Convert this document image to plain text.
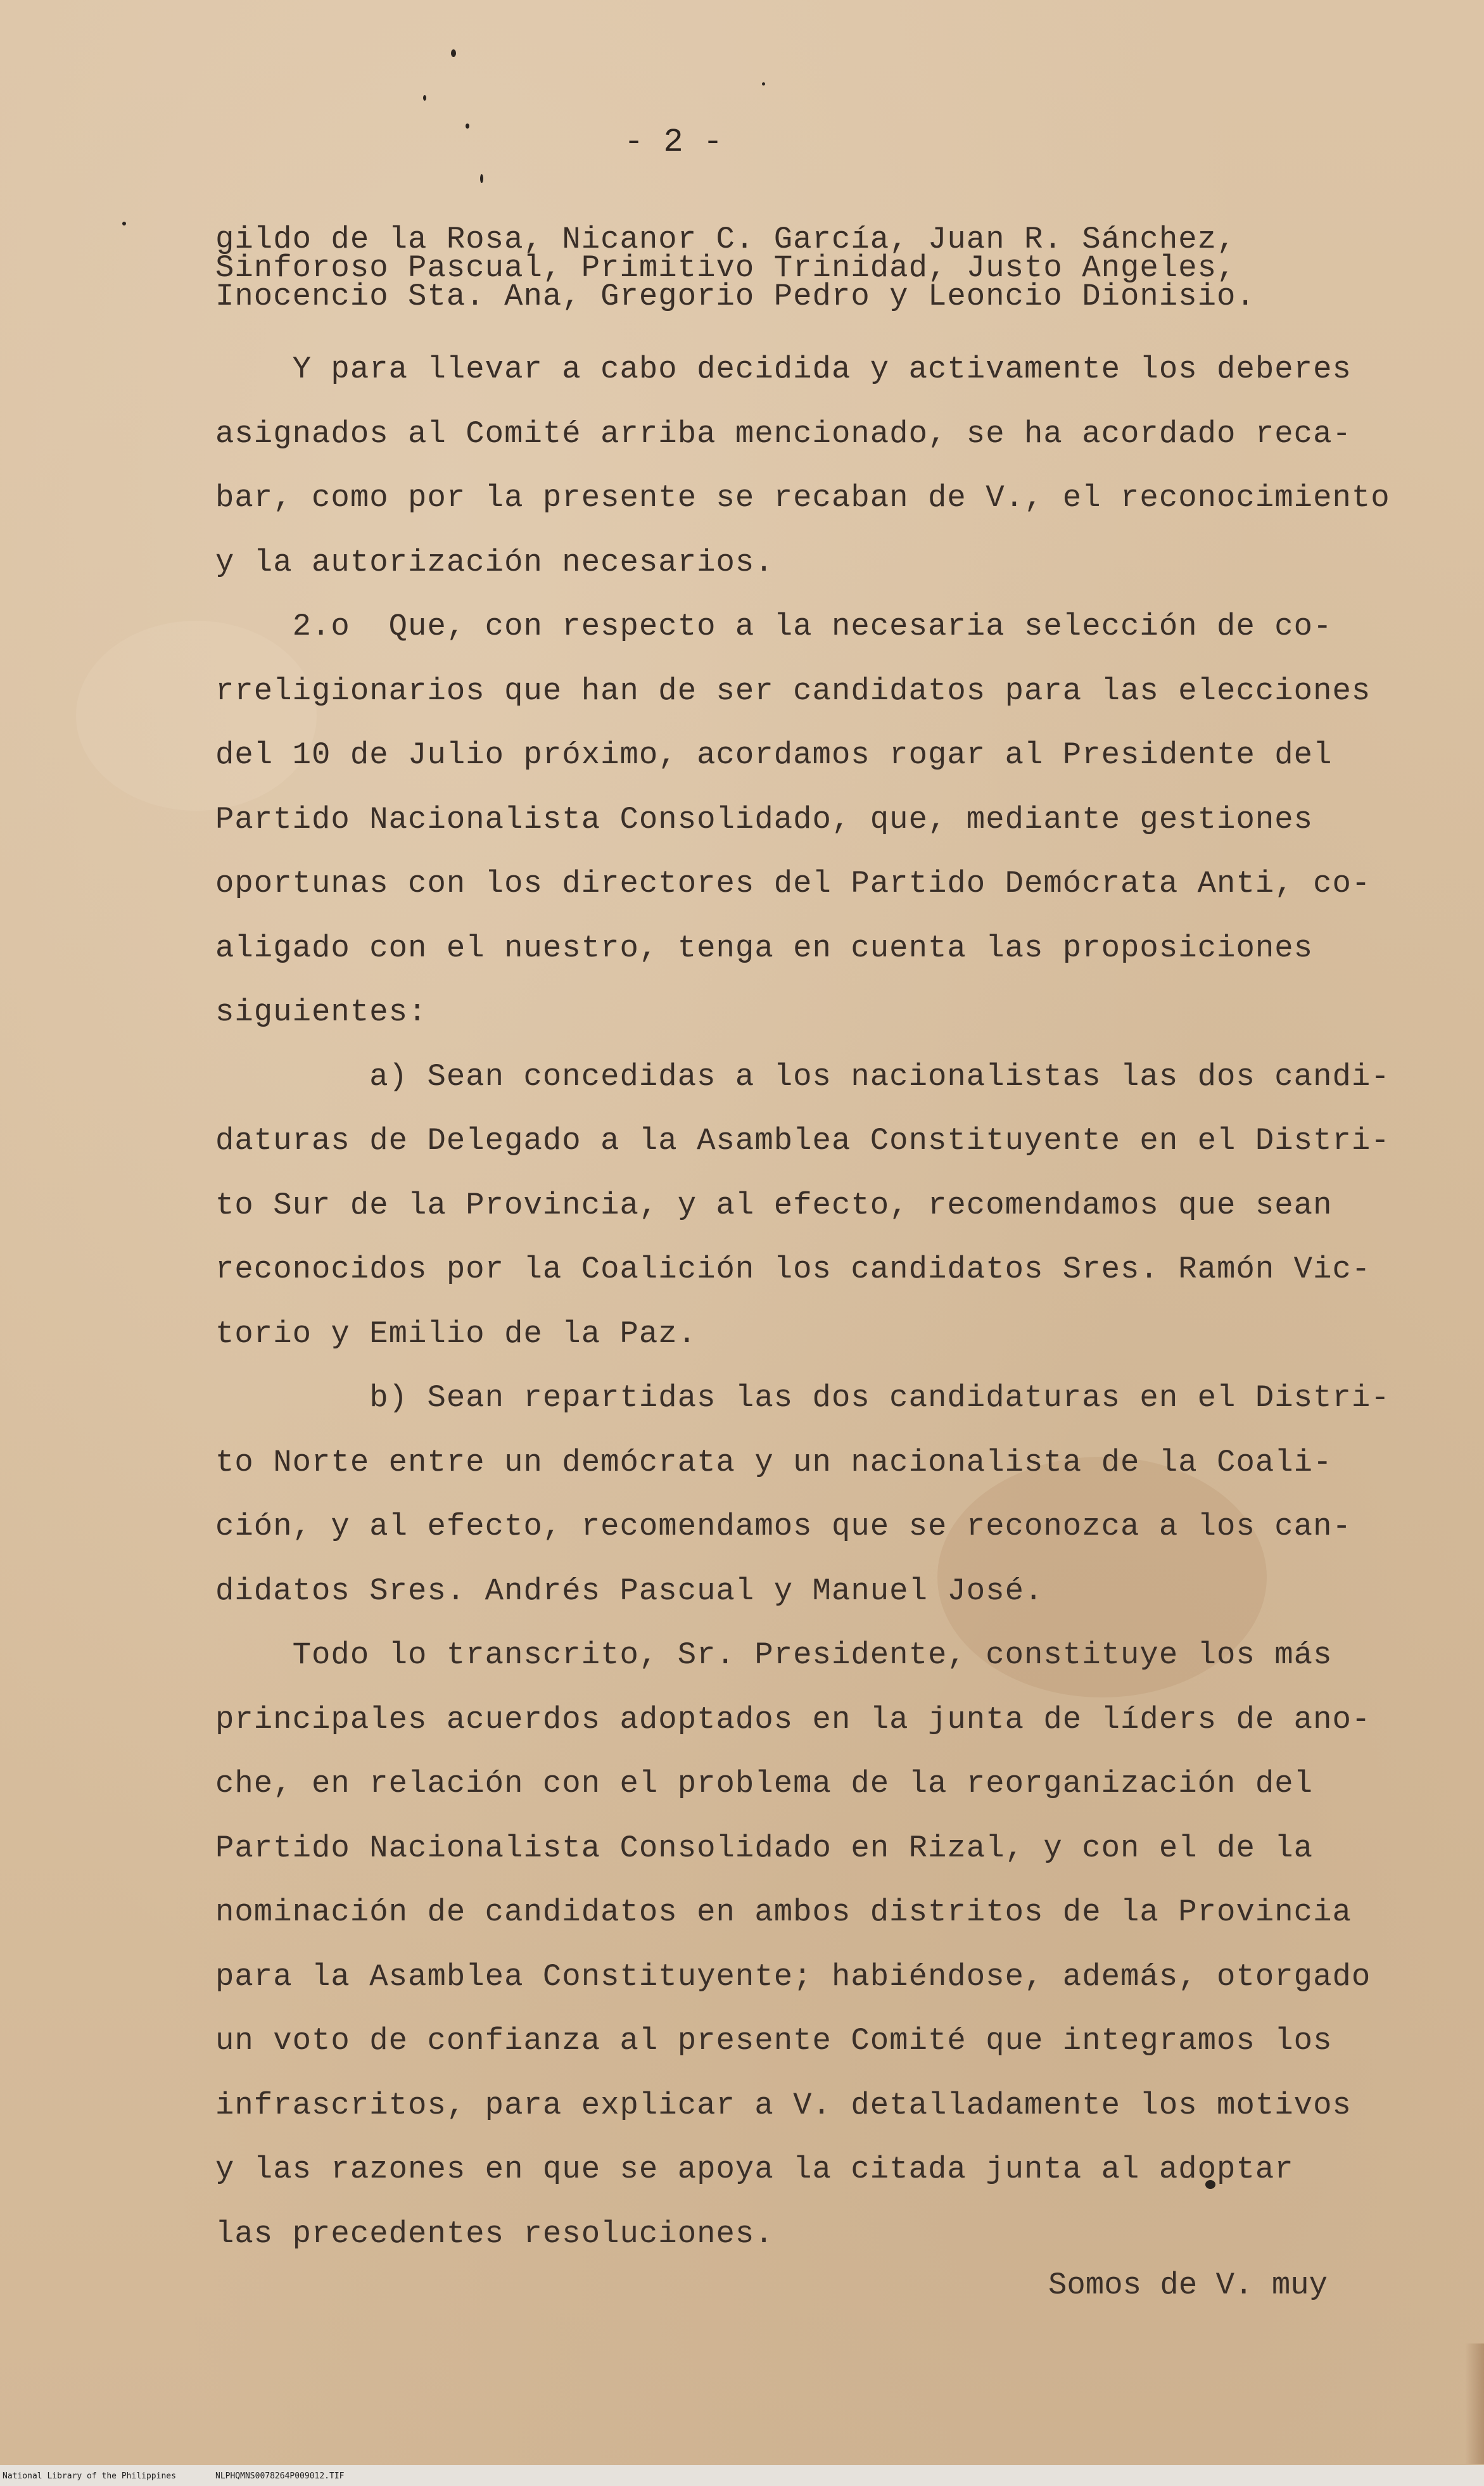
- 2 -
gildo de la Rosa, Nicanor C. García, Juan R. Sánchez,
Sinforoso Pascual, Primitivo Trinidad, Justo Angeles,
Inocencio Sta. Ana, Gregorio Pedro y Leoncio Dionisio.
Y para llevar a cabo decidida y activamente los deberes
asignados al Comité arriba mencionado, se ha acordado reca-
bar, como por la presente se recaban de V., el reconocimiento
y la autorización necesarios.
2.o  Que, con respecto a la necesaria selección de co-
rreligionarios que han de ser candidatos para las elecciones
del 10 de Julio próximo, acordamos rogar al Presidente del
Partido Nacionalista Consolidado, que, mediante gestiones
oportunas con los directores del Partido Demócrata Anti, co-
aligado con el nuestro, tenga en cuenta las proposiciones
siguientes:
a) Sean concedidas a los nacionalistas las dos candi-
daturas de Delegado a la Asamblea Constituyente en el Distri-
to Sur de la Provincia, y al efecto, recomendamos que sean
reconocidos por la Coalición los candidatos Sres. Ramón Vic-
torio y Emilio de la Paz.
b) Sean repartidas las dos candidaturas en el Distri-
to Norte entre un demócrata y un nacionalista de la Coali-
ción, y al efecto, recomendamos que se reconozca a los can-
didatos Sres. Andrés Pascual y Manuel José.
Todo lo transcrito, Sr. Presidente, constituye los más
principales acuerdos adoptados en la junta de líders de ano-
che, en relación con el problema de la reorganización del
Partido Nacionalista Consolidado en Rizal, y con el de la
nominación de candidatos en ambos distritos de la Provincia
para la Asamblea Constituyente; habiéndose, además, otorgado
un voto de confianza al presente Comité que integramos los
infrascritos, para explicar a V. detalladamente los motivos
y las razones en que se apoya la citada junta al adoptar
las precedentes resoluciones.
Somos de V. muy
National Library of the Philippines	NLPHQMNS0078264P009012.TIF
